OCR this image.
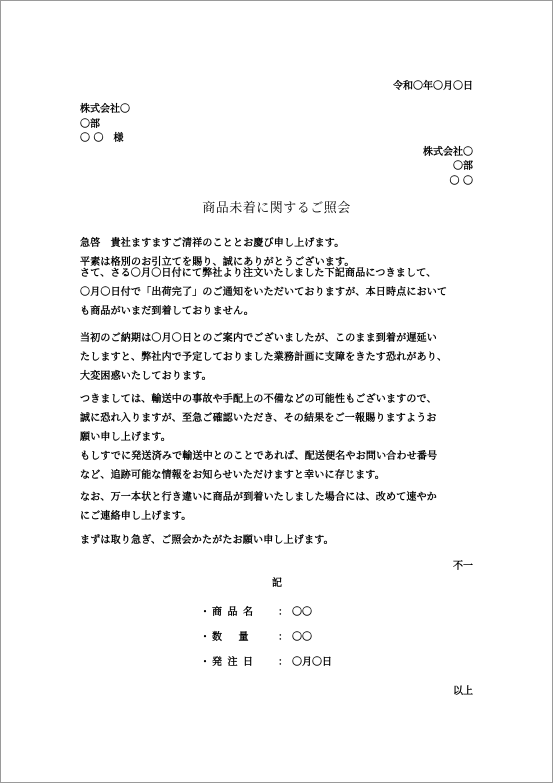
令和〇年〇月〇日
株式会社〇
〇部
〇 〇　様
株式会社〇
〇部
〇 〇
商品未着に関するご照会
急啓　貴社ますますご清祥のこととお慶び申し上げます。
平素は格別のお引立てを賜り、誠にありがとうございます。
さて、さる〇月〇日付にて弊社より注文いたしました下記商品につきまして、
〇月〇日付で「出荷完了」のご通知をいただいておりますが、本日時点において
も商品がいまだ到着しておりません。
当初のご納期は〇月〇日とのご案内でございましたが、このまま到着が遅延い
たしますと、弊社内で予定しておりました業務計画に支障をきたす恐れがあり、
大変困惑いたしております。
つきましては、輸送中の事故や手配上の不備などの可能性もございますので、
誠に恐れ入りますが、至急ご確認いただき、その結果をご一報賜りますようお
願い申し上げます。
もしすでに発送済みで輸送中とのことであれば、配送便名やお問い合わせ番号
など、追跡可能な情報をお知らせいただけますと幸いに存じます。
なお、万一本状と行き違いに商品が到着いたしました場合には、改めて速やか
にご連絡申し上げます。
まずは取り急ぎ、ご照会かたがたお願い申し上げます。
不一
記
・ 商 品 名 ： 〇〇
・ 数　 量	： 〇〇
・ 発 注 日 ： 〇月〇日
以上
